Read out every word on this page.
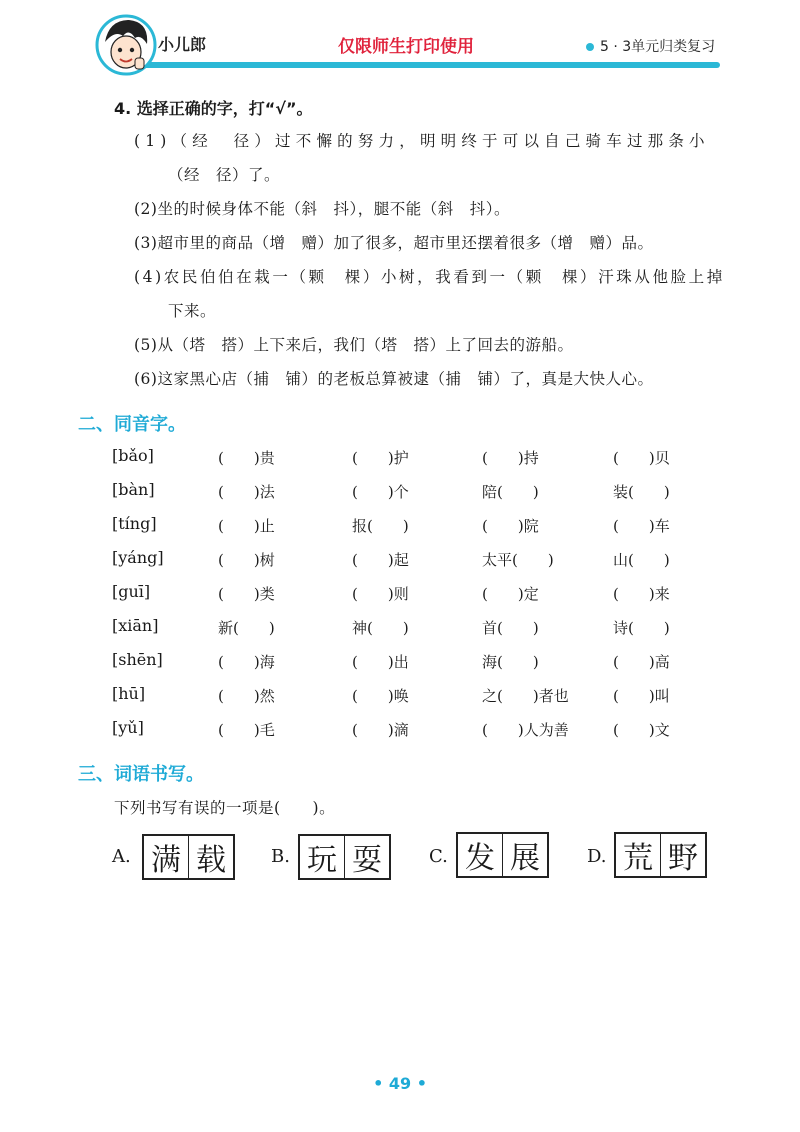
小儿郎	仅限师生打印使用	5 · 3单元归类复习
4. 选择正确的字，打“√”。
(1)（经　径）过不懈的努力，明明终于可以自己骑车过那条小
（经　径）了。
(2)坐的时候身体不能（斜　抖），腿不能（斜　抖）。
(3)超市里的商品（增　赠）加了很多，超市里还摆着很多（增　赠）品。
(4)农民伯伯在栽一（颗　棵）小树，我看到一（颗　棵）汗珠从他脸上掉
下来。
(5)从（塔　搭）上下来后，我们（塔　搭）上了回去的游船。
(6)这家黑心店（捕　铺）的老板总算被逮（捕　铺）了，真是大快人心。
二、同音字。
[bǎo]	(　　)贵	(　　)护	(　　)持	(　　)贝
[bàn]	(　　)法	(　　)个	陪(　　)	装(　　)
[tíng]	(　　)止	报(　　)	(　　)院	(　　)车
[yáng]	(　　)树	(　　)起	太平(　　)	山(　　)
[guī]	(　　)类	(　　)则	(　　)定	(　　)来
[xiān]	新(　　)	神(　　)	首(　　)	诗(　　)
[shēn]	(　　)海	(　　)出	海(　　)	(　　)高
[hū]	(　　)然	(　　)唤	之(　　)者也	(　　)叫
[yǔ]	(　　)毛	(　　)滴	(　　)人为善	(　　)文
三、词语书写。
下列书写有误的一项是(　　)。
A. 满 载	B. 玩 耍	C. 发 展	D. 荒 野
• 49 •
